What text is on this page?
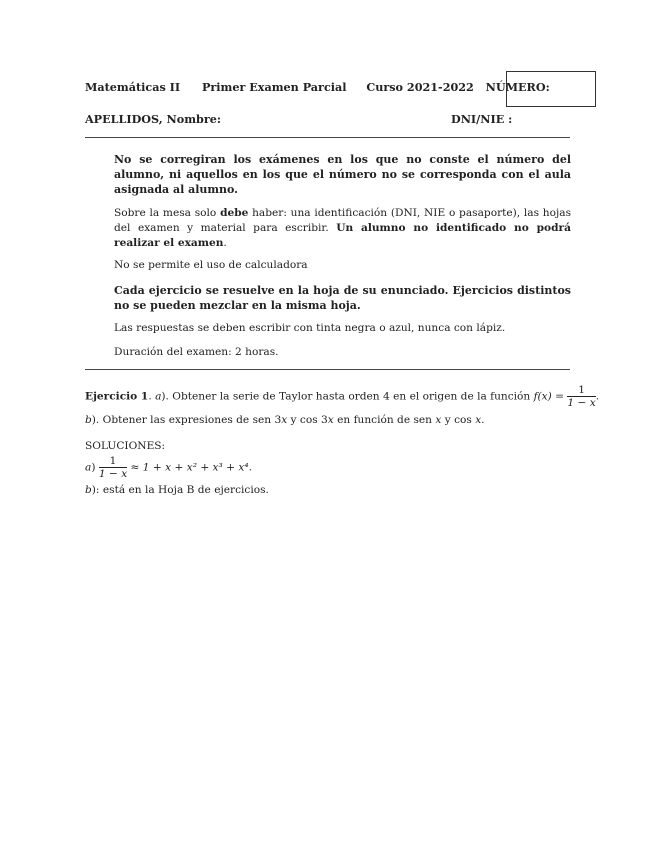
Matemáticas II Primer Examen Parcial Curso 2021-2022 NÚMERO:
APELLIDOS, Nombre:	DNI/NIE :
No se corregiran los exámenes en los que no conste el número del alumno, ni aquellos en los que el número no se corresponda con el aula asignada al alumno.
Sobre la mesa solo debe haber: una identificación (DNI, NIE o pasaporte), las hojas del examen y material para escribir. Un alumno no identificado no podrá realizar el examen.
No se permite el uso de calculadora
Cada ejercicio se resuelve en la hoja de su enunciado. Ejercicios distintos no se pueden mezclar en la misma hoja.
Las respuestas se deben escribir con tinta negra o azul, nunca con lápiz.
Duración del examen: 2 horas.
Ejercicio 1. a). Obtener la serie de Taylor hasta orden 4 en el origen de la función $f(x) = \frac{1}{1 - x}$ .
b). Obtener las expresiones de sen 3x y cos 3x en función de sen x y cos x.
SOLUCIONES:
$a) \frac{1}{1 - x} \approx 1 + x + x^2 + x^3 + x^4$.
b): está en la Hoja B de ejercicios.
